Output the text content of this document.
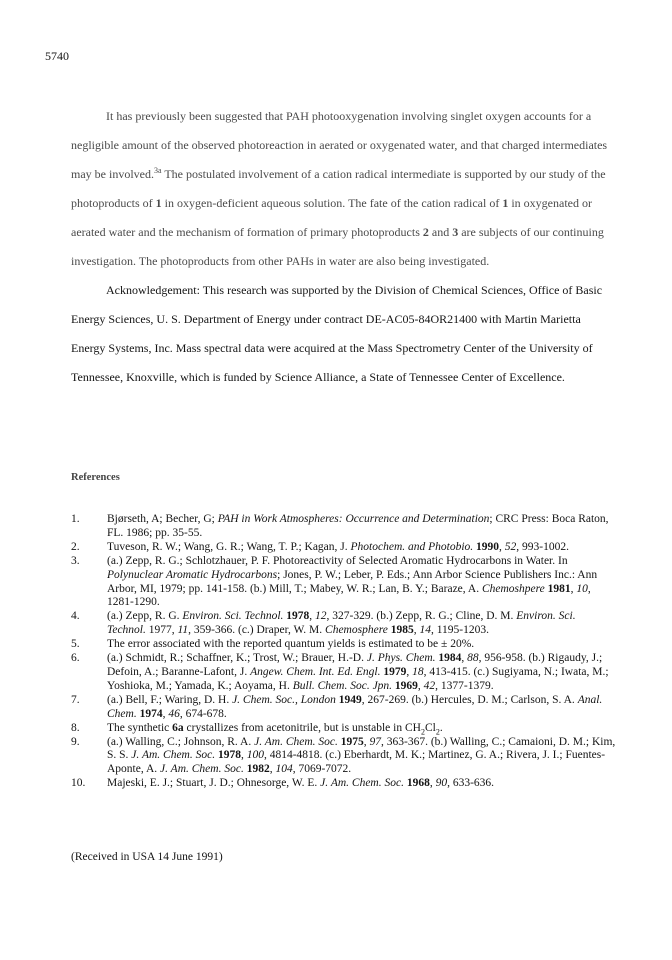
5740

It has previously been suggested that PAH photooxygenation involving singlet oxygen accounts for a negligible amount of the observed photoreaction in aerated or oxygenated water, and that charged intermediates may be involved.$^{3a}$ The postulated involvement of a cation radical intermediate is supported by our study of the photoproducts of 1 in oxygen-deficient aqueous solution. The fate of the cation radical of 1 in oxygenated or aerated water and the mechanism of formation of primary photoproducts 2 and 3 are subjects of our continuing investigation. The photoproducts from other PAHs in water are also being investigated.

Acknowledgement: This research was supported by the Division of Chemical Sciences, Office of Basic Energy Sciences, U. S. Department of Energy under contract DE-AC05-84OR21400 with Martin Marietta Energy Systems, Inc. Mass spectral data were acquired at the Mass Spectrometry Center of the University of Tennessee, Knoxville, which is funded by Science Alliance, a State of Tennessee Center of Excellence.

References
1.	Bjørseth, A; Becher, G; PAH in Work Atmospheres: Occurrence and Determination; CRC Press: Boca Raton, FL. 1986; pp. 35-55.
2.	Tuveson, R. W.; Wang, G. R.; Wang, T. P.; Kagan, J. Photochem. and Photobio. 1990, 52, 993-1002.
3.	(a.) Zepp, R. G.; Schlotzhauer, P. F. Photoreactivity of Selected Aromatic Hydrocarbons in Water. In Polynuclear Aromatic Hydrocarbons; Jones, P. W.; Leber, P. Eds.; Ann Arbor Science Publishers Inc.: Ann Arbor, MI, 1979; pp. 141-158. (b.) Mill, T.; Mabey, W. R.; Lan, B. Y.; Baraze, A. Chemoshpere 1981, 10, 1281-1290.
4.	(a.) Zepp, R. G. Environ. Sci. Technol. 1978, 12, 327-329. (b.) Zepp, R. G.; Cline, D. M. Environ. Sci. Technol. 1977, 11, 359-366. (c.) Draper, W. M. Chemosphere 1985, 14, 1195-1203.
5.	The error associated with the reported quantum yields is estimated to be ± 20%.
6.	(a.) Schmidt, R.; Schaffner, K.; Trost, W.; Brauer, H.-D. J. Phys. Chem. 1984, 88, 956-958. (b.) Rigaudy, J.; Defoin, A.; Baranne-Lafont, J. Angew. Chem. Int. Ed. Engl. 1979, 18, 413-415. (c.) Sugiyama, N.; Iwata, M.; Yoshioka, M.; Yamada, K.; Aoyama, H. Bull. Chem. Soc. Jpn. 1969, 42, 1377-1379.
7.	(a.) Bell, F.; Waring, D. H. J. Chem. Soc., London 1949, 267-269. (b.) Hercules, D. M.; Carlson, S. A. Anal. Chem. 1974, 46, 674-678.
8.	The synthetic 6a crystallizes from acetonitrile, but is unstable in $CH_2Cl_2$.
9.	(a.) Walling, C.; Johnson, R. A. J. Am. Chem. Soc. 1975, 97, 363-367. (b.) Walling, C.; Camaioni, D. M.; Kim, S. S. J. Am. Chem. Soc. 1978, 100, 4814-4818. (c.) Eberhardt, M. K.; Martinez, G. A.; Rivera, J. I.; Fuentes-Aponte, A. J. Am. Chem. Soc. 1982, 104, 7069-7072.
10.	Majeski, E. J.; Stuart, J. D.; Ohnesorge, W. E. J. Am. Chem. Soc. 1968, 90, 633-636.
(Received in USA 14 June 1991)
